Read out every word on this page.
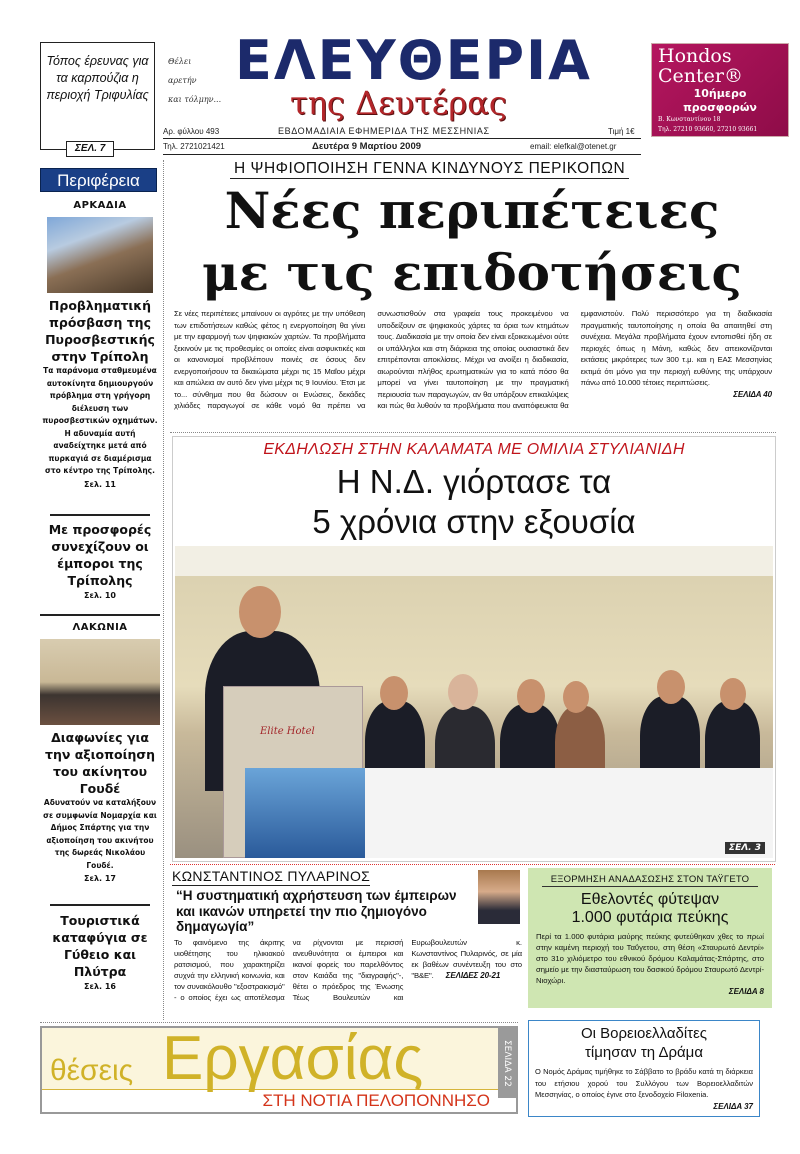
Τόπος έρευνας για τα καρπούζια η περιοχή Τριφυλίας
ΣΕΛ. 7
Θέλει
αρετήν
και τόλμην...
ΕΛΕΥΘΕΡΙΑ
της Δευτέρας
Αρ. φύλλου 493	ΕΒΔΟΜΑΔΙΑΙΑ ΕΦΗΜΕΡΙΔΑ ΤΗΣ ΜΕΣΣΗΝΙΑΣ	Τιμή 1€
Τηλ. 2721021421	Δευτέρα 9 Μαρτίου 2009	email: elefkal@otenet.gr
Hondos
Center®
10ήμερο
προσφορών
Β. Κωνσταντίνου 18
Τηλ. 27210 93660, 27210 93661
Περιφέρεια
ΑΡΚΑΔΙΑ
Προβληματική πρόσβαση της Πυροσβεστικής στην Τρίπολη
Τα παράνομα σταθμευμένα αυτοκίνητα δημιουργούν πρόβλημα στη γρήγορη διέλευση των πυροσβεστικών οχημάτων. Η αδυναμία αυτή αναδείχτηκε μετά από πυρκαγιά σε διαμέρισμα στο κέντρο της Τρίπολης.
Σελ. 11
Με προσφορές συνεχίζουν οι έμποροι της Τρίπολης
Σελ. 10
ΛΑΚΩΝΙΑ
Διαφωνίες για την αξιοποίηση του ακίνητου Γουδέ
Αδυνατούν να καταλήξουν σε συμφωνία Νομαρχία και Δήμος Σπάρτης για την αξιοποίηση του ακινήτου της δωρεάς Νικολάου Γουδέ.
Σελ. 17
Τουριστικά καταφύγια σε Γύθειο και Πλύτρα
Σελ. 16
Η ΨΗΦΙΟΠΟΙΗΣΗ ΓΕΝΝΑ ΚΙΝΔΥΝΟΥΣ ΠΕΡΙΚΟΠΩΝ
Νέες περιπέτειες
με τις επιδοτήσεις
Σε νέες περιπέτειες μπαίνουν οι αγρότες με την υπόθεση των επιδοτήσεων καθώς φέτος η ενεργοποίηση θα γίνει με την εφαρμογή των ψηφιακών χαρτών. Τα προβλήματα ξεκινούν με τις προθεσμίες οι οποίες είναι ασφυκτικές και οι κανονισμοί προβλέπουν ποινές σε όσους δεν ενεργοποιήσουν τα δικαιώματα μέχρι τις 15 Μαΐου μέχρι και απώλεια αν αυτό δεν γίνει μέχρι τις 9 Ιουνίου. Έτσι με το... σύνθημα που θα δώσουν οι Ενώσεις, δεκάδες χιλιάδες παραγωγοί σε κάθε νομό θα πρέπει να συνωστισθούν στα γραφεία τους προκειμένου να υποδείξουν σε ψηφιακούς χάρτες τα όρια των κτημάτων τους. Διαδικασία με την οποία δεν είναι εξοικειωμένοι ούτε οι υπάλληλοι και στη διάρκεια της οποίας ουσιαστικά δεν επιτρέπονται αποκλίσεις. Μέχρι να ανοίξει η διαδικασία, αιωρούνται πλήθος ερωτηματικών για το κατά πόσο θα μπορεί να γίνει ταυτοποίηση με την πραγματική περιουσία των παραγωγών, αν θα υπάρξουν επικαλύψεις και πώς θα λυθούν τα προβλήματα που αναπόφευκτα θα εμφανιστούν. Πολύ περισσότερο για τη διαδικασία πραγματικής ταυτοποίησης η οποία θα απαιτηθεί στη συνέχεια. Μεγάλα προβλήματα έχουν εντοπισθεί ήδη σε περιοχές όπως η Μάνη, καθώς δεν απεικονίζονται εκτάσεις μικρότερες των 300 τ.μ. και η ΕΑΣ Μεσσηνίας εκτιμά ότι μόνο για την περιοχή ευθύνης της υπάρχουν πάνω από 10.000 τέτοιες περιπτώσεις.
ΣΕΛΙΔΑ 40
ΕΚΔΗΛΩΣΗ ΣΤΗΝ ΚΑΛΑΜΑΤΑ ΜΕ ΟΜΙΛΙΑ ΣΤΥΛΙΑΝΙΔΗ
Η Ν.Δ. γιόρτασε τα
5 χρόνια στην εξουσία
Elite Hotel
ΣΕΛ. 3
ΚΩΝΣΤΑΝΤΙΝΟΣ ΠΥΛΑΡΙΝΟΣ
“Η συστηματική αχρήστευση των έμπειρων
και ικανών υπηρετεί την πιο ζημιογόνο δημαγωγία”
Το φαινόμενο της άκριτης υιοθέτησης του ηλικιακού ρατσισμού, που χαρακτηρίζει συχνά την ελληνική κοινωνία, και τον συνακόλουθο "εξοστρακισμό" - ο οποίος έχει ως αποτέλεσμα να ρίχνονται με περισσή ανευθυνότητα οι έμπειροι και ικανοί φορείς του παρελθόντος στον Καιάδα της "διαγραφής"-, θέτει ο πρόεδρος της Ένωσης Τέως Βουλευτών και Ευρωβουλευτών κ. Κωνσταντίνος Πυλαρινός, σε μία εκ βαθέων συνέντευξη του στο "Β&Ε". ΣΕΛΙΔΕΣ 20-21
ΕΞΟΡΜΗΣΗ ΑΝΑΔΑΣΩΣΗΣ ΣΤΟΝ ΤΑΫΓΕΤΟ
Εθελοντές φύτεψαν
1.000 φυτάρια πεύκης
Περί τα 1.000 φυτάρια μαύρης πεύκης φυτεύθηκαν χθες το πρωί στην καμένη περιοχή του Ταΰγετου, στη θέση «Σταυρωτό Δεντρί» στο 31ο χιλιόμετρο του εθνικού δρόμου Καλαμάτας-Σπάρτης, στο σημείο με την διασταύρωση του δασικού δρόμου Σταυρωτό Δεντρί-Νιοχώρι.
ΣΕΛΙΔΑ 8
θέσεις Εργασίας
ΣΤΗ ΝΟΤΙΑ ΠΕΛΟΠΟΝΝΗΣΟ
ΣΕΛΙΔΑ 22
Οι Βορειοελλαδίτες
τίμησαν τη Δράμα
Ο Νομός Δράμας τιμήθηκε το Σάββατο το βράδυ κατά τη διάρκεια του ετήσιου χορού του Συλλόγου των Βορειοελλαδιτών Μεσσηνίας, ο οποίος έγινε στο ξενοδοχείο Filoxenia.
ΣΕΛΙΔΑ 37
